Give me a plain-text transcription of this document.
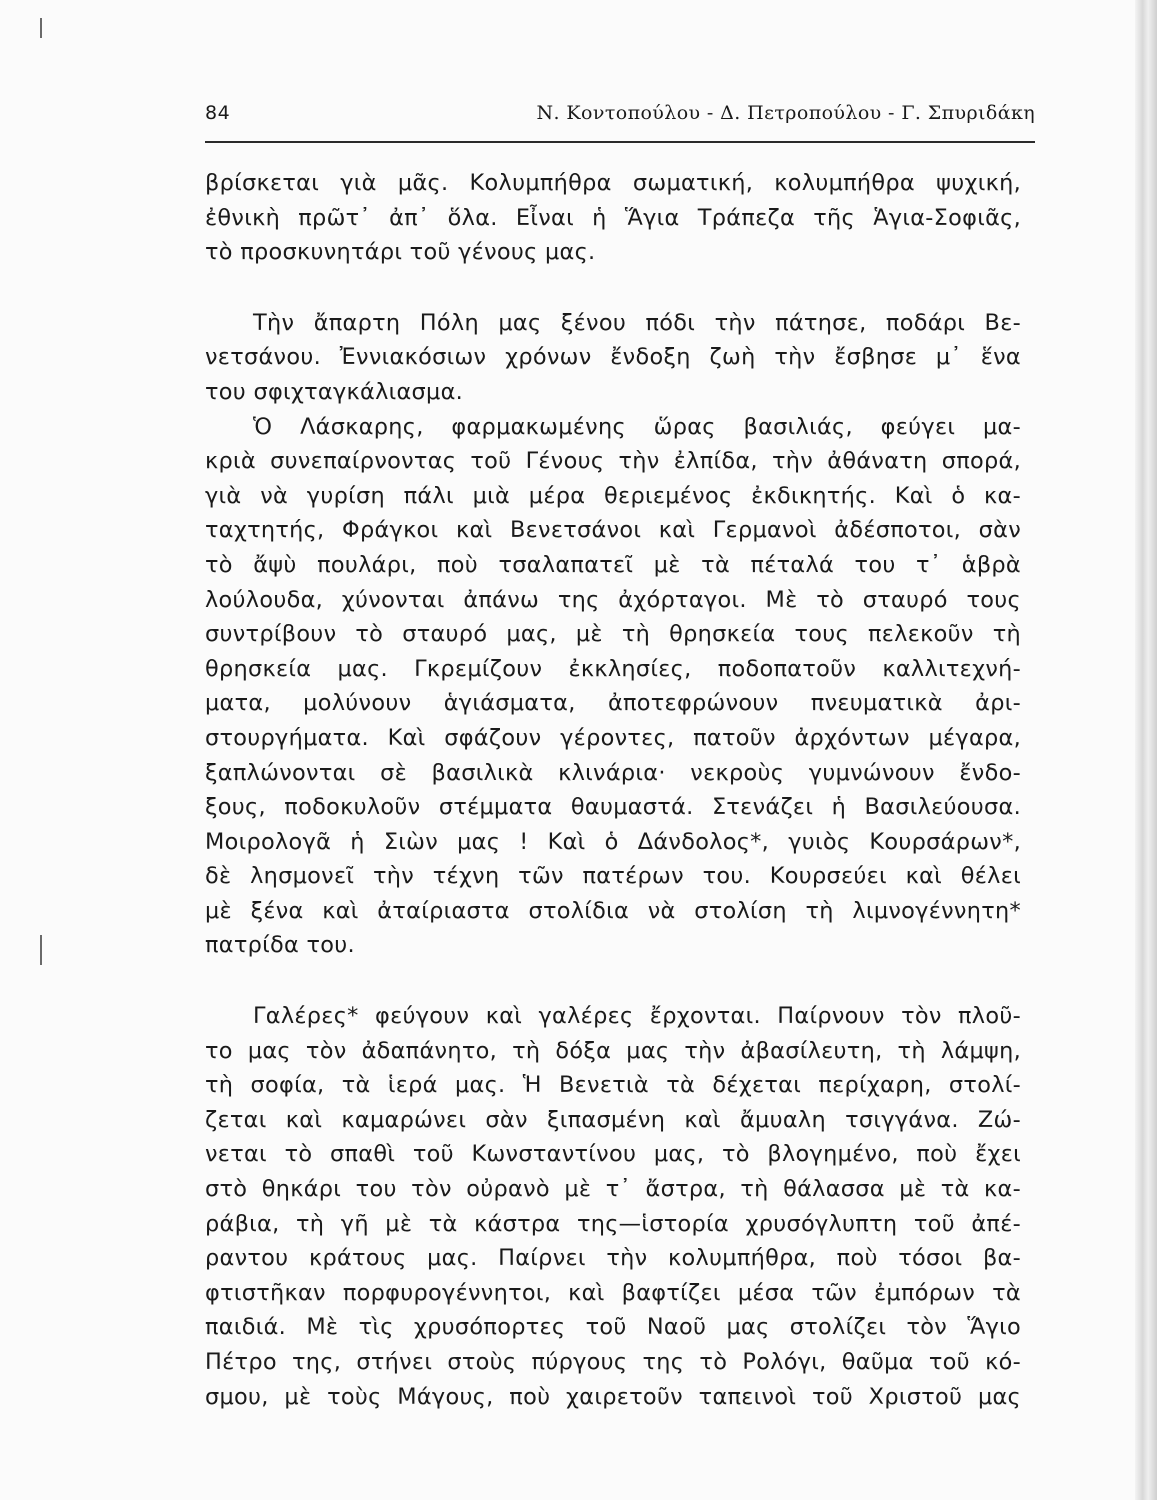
84	Ν. Κοντοπούλου - Δ. Πετροπούλου - Γ. Σπυριδάκη
βρίσκεται γιὰ μᾶς. Κολυμπήθρα σωματική, κολυμπήθρα ψυχική,
ἐθνικὴ πρῶτ᾽ ἀπ᾽ ὅλα. Εἶναι ἡ Ἅγια Τράπεζα τῆς Ἁγια-Σοφιᾶς,
τὸ προσκυνητάρι τοῦ γένους μας.
Τὴν ἄπαρτη Πόλη μας ξένου πόδι τὴν πάτησε, ποδάρι Βε-
νετσάνου. Ἐννιακόσιων χρόνων ἔνδοξη ζωὴ τὴν ἔσβησε μ᾽ ἕνα
του σφιχταγκάλιασμα.
Ὁ Λάσκαρης, φαρμακωμένης ὥρας βασιλιάς, φεύγει μα-
κριὰ συνεπαίρνοντας τοῦ Γένους τὴν ἐλπίδα, τὴν ἀθάνατη σπορά,
γιὰ νὰ γυρίση πάλι μιὰ μέρα θεριεμένος ἐκδικητής. Καὶ ὁ κα-
ταχτητής, Φράγκοι καὶ Βενετσάνοι καὶ Γερμανοὶ ἀδέσποτοι, σὰν
τὸ ἄψὺ πουλάρι, ποὺ τσαλαπατεῖ μὲ τὰ πέταλά του τ᾽ ἁβρὰ
λούλουδα, χύνονται ἀπάνω της ἀχόρταγοι. Μὲ τὸ σταυρό τους
συντρίβουν τὸ σταυρό μας, μὲ τὴ θρησκεία τους πελεκοῦν τὴ
θρησκεία μας. Γκρεμίζουν ἐκκλησίες, ποδοπατοῦν καλλιτεχνή-
ματα, μολύνουν ἁγιάσματα, ἀποτεφρώνουν πνευματικὰ ἀρι-
στουργήματα. Καὶ σφάζουν γέροντες, πατοῦν ἀρχόντων μέγαρα,
ξαπλώνονται σὲ βασιλικὰ κλινάρια· νεκροὺς γυμνώνουν ἔνδο-
ξους, ποδοκυλοῦν στέμματα θαυμαστά. Στενάζει ἡ Βασιλεύουσα.
Μοιρολογᾶ ἡ Σιὼν μας ! Καὶ ὁ Δάνδολος*, γυιὸς Κουρσάρων*,
δὲ λησμονεῖ τὴν τέχνη τῶν πατέρων του. Κουρσεύει καὶ θέλει
μὲ ξένα καὶ ἀταίριαστα στολίδια νὰ στολίση τὴ λιμνογέννητη*
πατρίδα του.
Γαλέρες* φεύγουν καὶ γαλέρες ἔρχονται. Παίρνουν τὸν πλοῦ-
το μας τὸν ἀδαπάνητο, τὴ δόξα μας τὴν ἀβασίλευτη, τὴ λάμψη,
τὴ σοφία, τὰ ἱερά μας. Ἡ Βενετιὰ τὰ δέχεται περίχαρη, στολί-
ζεται καὶ καμαρώνει σὰν ξιπασμένη καὶ ἄμυαλη τσιγγάνα. Ζώ-
νεται τὸ σπαθὶ τοῦ Κωνσταντίνου μας, τὸ βλογημένο, ποὺ ἔχει
στὸ θηκάρι του τὸν οὐρανὸ μὲ τ᾽ ἄστρα, τὴ θάλασσα μὲ τὰ κα-
ράβια, τὴ γῆ μὲ τὰ κάστρα της—ἱστορία χρυσόγλυπτη τοῦ ἀπέ-
ραντου κράτους μας. Παίρνει τὴν κολυμπήθρα, ποὺ τόσοι βα-
φτιστῆκαν πορφυρογέννητοι, καὶ βαφτίζει μέσα τῶν ἐμπόρων τὰ
παιδιά. Μὲ τὶς χρυσόπορτες τοῦ Ναοῦ μας στολίζει τὸν Ἅγιο
Πέτρο της, στήνει στοὺς πύργους της τὸ Ρολόγι, θαῦμα τοῦ κό-
σμου, μὲ τοὺς Μάγους, ποὺ χαιρετοῦν ταπεινοὶ τοῦ Χριστοῦ μας
